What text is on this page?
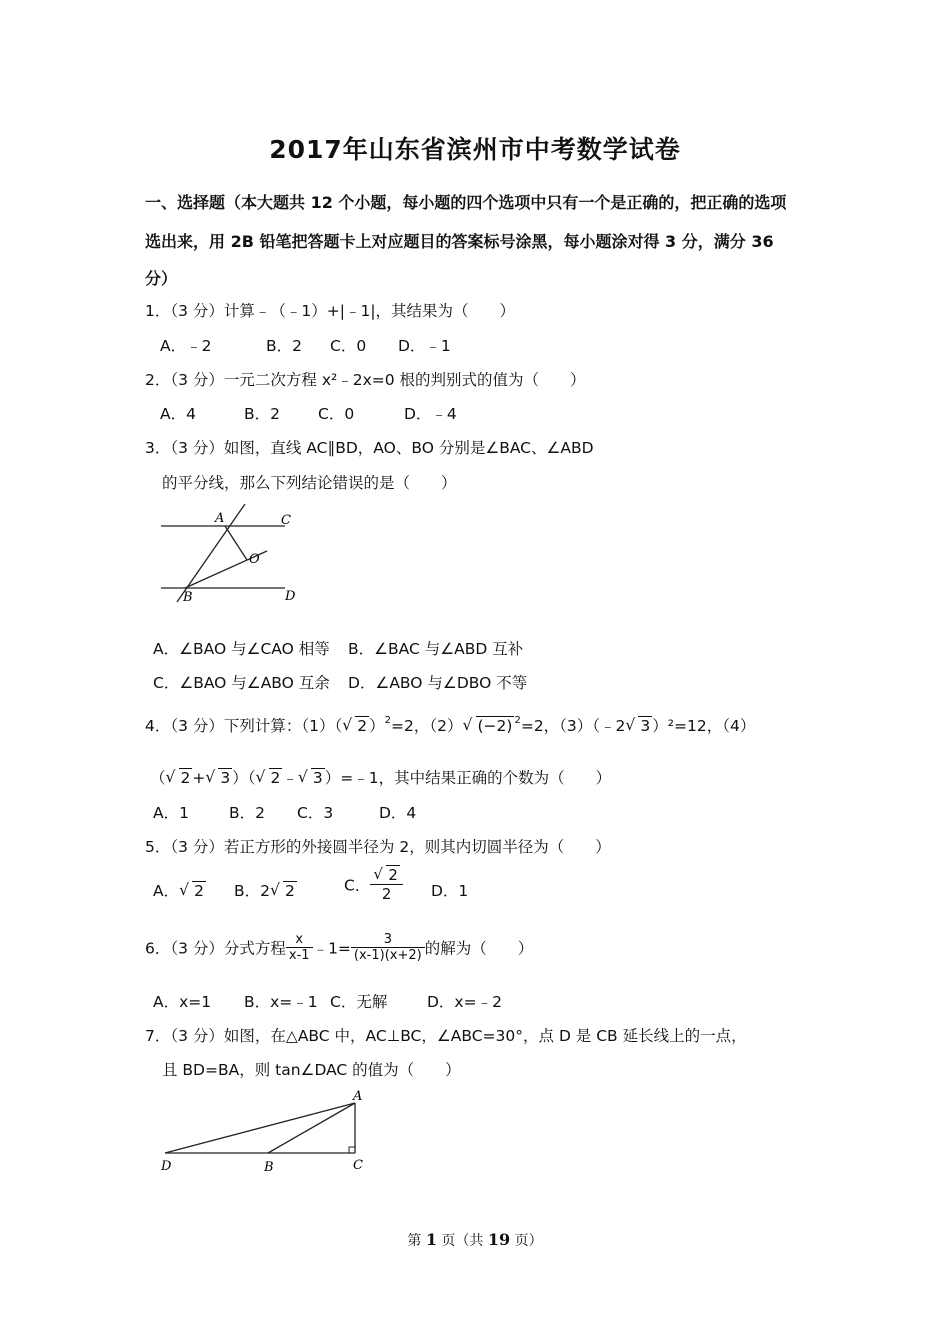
2017年山东省滨州市中考数学试卷
一、选择题（本大题共 12 个小题，每小题的四个选项中只有一个是正确的，把正确的选项
选出来，用 2B 铅笔把答题卡上对应题目的答案标号涂黑，每小题涂对得 3 分，满分 36
分）
1．（3 分）计算﹣（﹣1）+|﹣1|，其结果为（　　）
A．﹣2	B．2 C．0 D．﹣1
2．（3 分）一元二次方程 x²﹣2x=0 根的判别式的值为（　　）
A．4	B．2 C．0	D．﹣4
3．（3 分）如图，直线 AC∥BD，AO、BO 分别是∠BAC、∠ABD
的平分线，那么下列结论错误的是（　　）
A	C
O
B	D
A．∠BAO 与∠CAO 相等 B．∠BAC 与∠ABD 互补
C．∠BAO 与∠ABO 互余 D．∠ABO 与∠DBO 不等
4．（3 分）下列计算：（1）（ √ 2 ）$^2$=2，（2） √ (−2) $^2$=2，（3）（﹣2 √ 3 ）²=12，（4）
（ √ 2 + √ 3 ）（ √ 2 ﹣ √ 3 ）=﹣1，其中结果正确的个数为（　　）
A．1	B．2 C．3	D．4
5．（3 分）若正方形的外接圆半径为 2，则其内切圆半径为（　　）
A． √ 2 B．2 √ 2	C． √ $\frac{2}{2}$ D．1
6．（3 分）分式方程 $\frac{x}{x-1}$ ﹣1= $\frac{3}{(x-1)(x+2)}$ 的解为（　　）
A．x=1 B．x=﹣1 C．无解	D．x=﹣2
7．（3 分）如图，在△ABC 中，AC⊥BC，∠ABC=30°，点 D 是 CB 延长线上的一点，
且 BD=BA，则 tan∠DAC 的值为（　　）
A
D	B	C
第 1 页（共 19 页）
